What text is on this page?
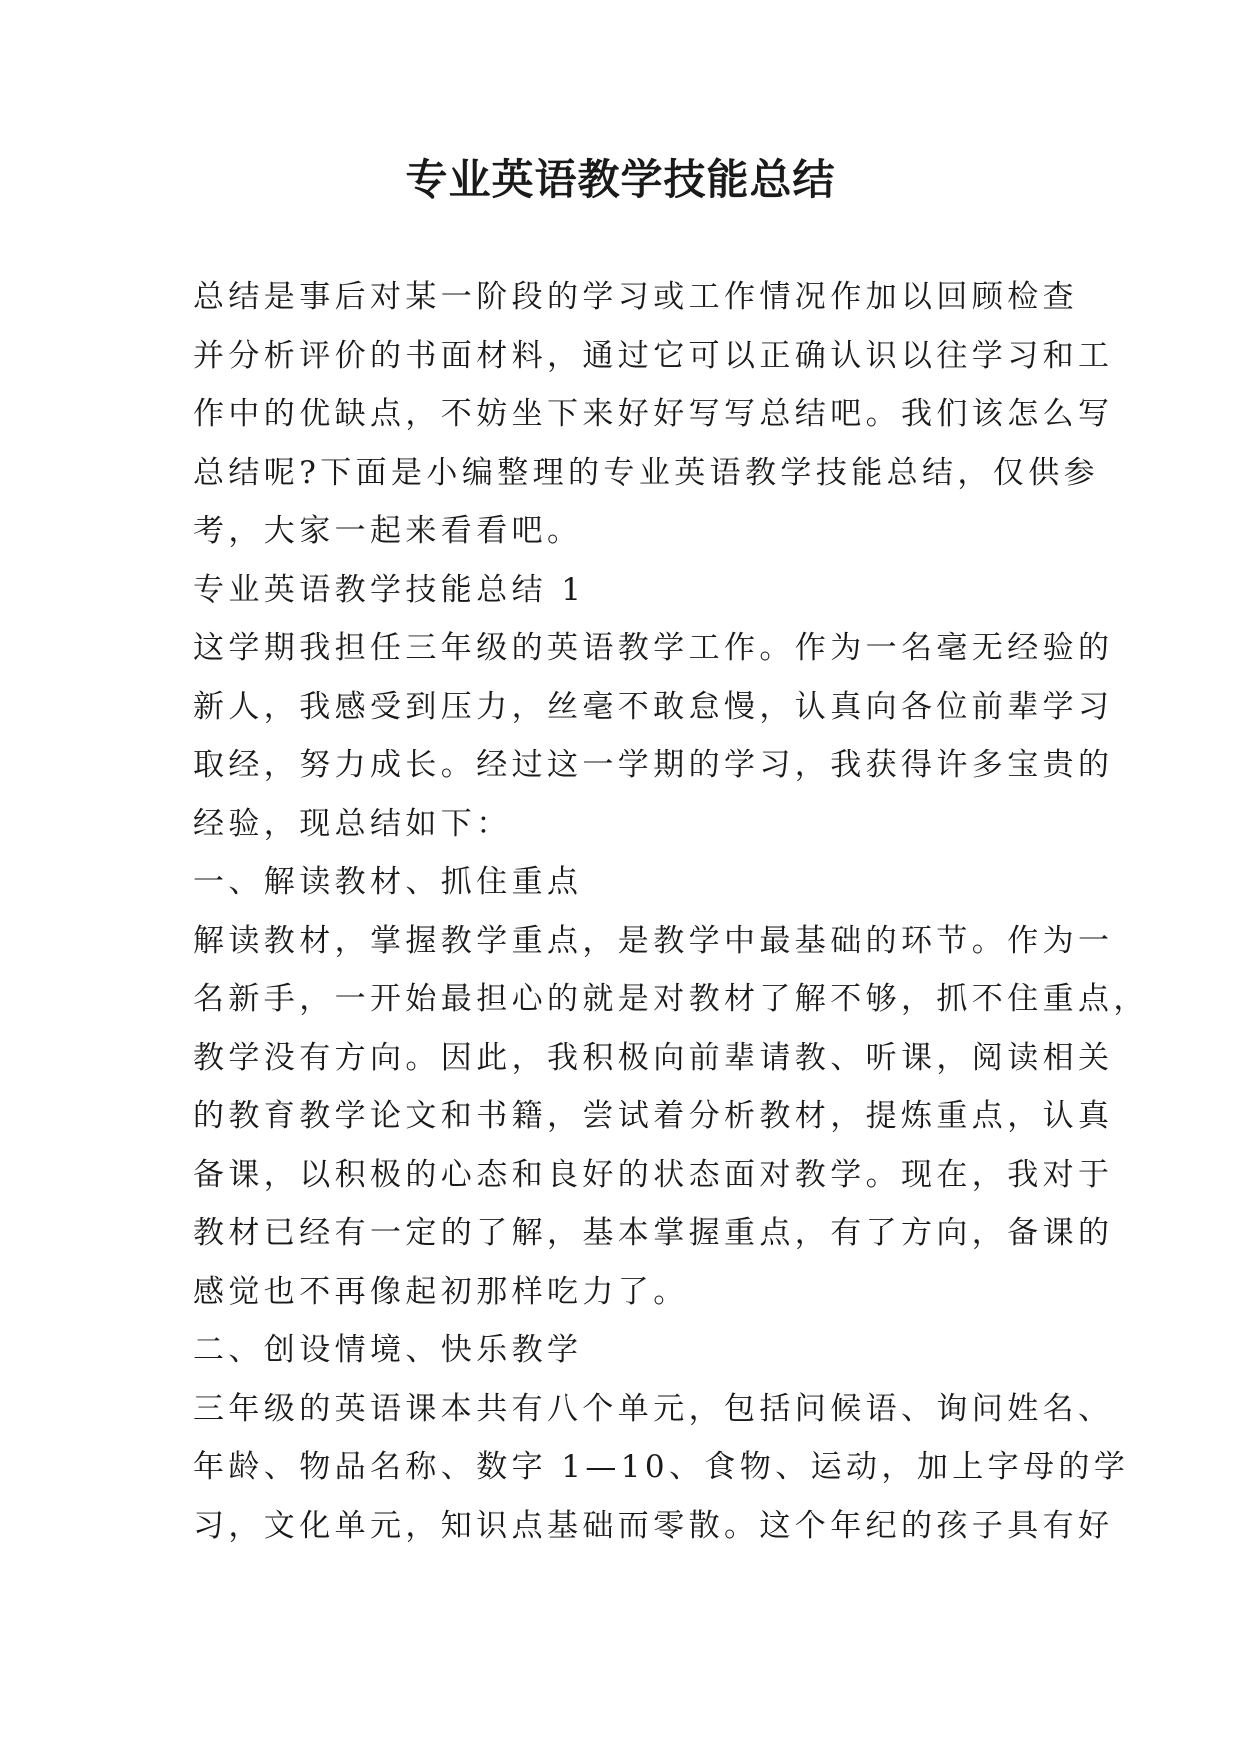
专业英语教学技能总结
总结是事后对某一阶段的学习或工作情况作加以回顾检查
并分析评价的书面材料，通过它可以正确认识以往学习和工
作中的优缺点，不妨坐下来好好写写总结吧。我们该怎么写
总结呢?下面是小编整理的专业英语教学技能总结，仅供参
考，大家一起来看看吧。
专业英语教学技能总结 1
这学期我担任三年级的英语教学工作。作为一名毫无经验的
新人，我感受到压力，丝毫不敢怠慢，认真向各位前辈学习
取经，努力成长。经过这一学期的学习，我获得许多宝贵的
经验，现总结如下：
一、解读教材、抓住重点
解读教材，掌握教学重点，是教学中最基础的环节。作为一
名新手，一开始最担心的就是对教材了解不够，抓不住重点，
教学没有方向。因此，我积极向前辈请教、听课，阅读相关
的教育教学论文和书籍，尝试着分析教材，提炼重点，认真
备课，以积极的心态和良好的状态面对教学。现在，我对于
教材已经有一定的了解，基本掌握重点，有了方向，备课的
感觉也不再像起初那样吃力了。
二、创设情境、快乐教学
三年级的英语课本共有八个单元，包括问候语、询问姓名、
年龄、物品名称、数字 1—10、食物、运动，加上字母的学
习，文化单元，知识点基础而零散。这个年纪的孩子具有好
